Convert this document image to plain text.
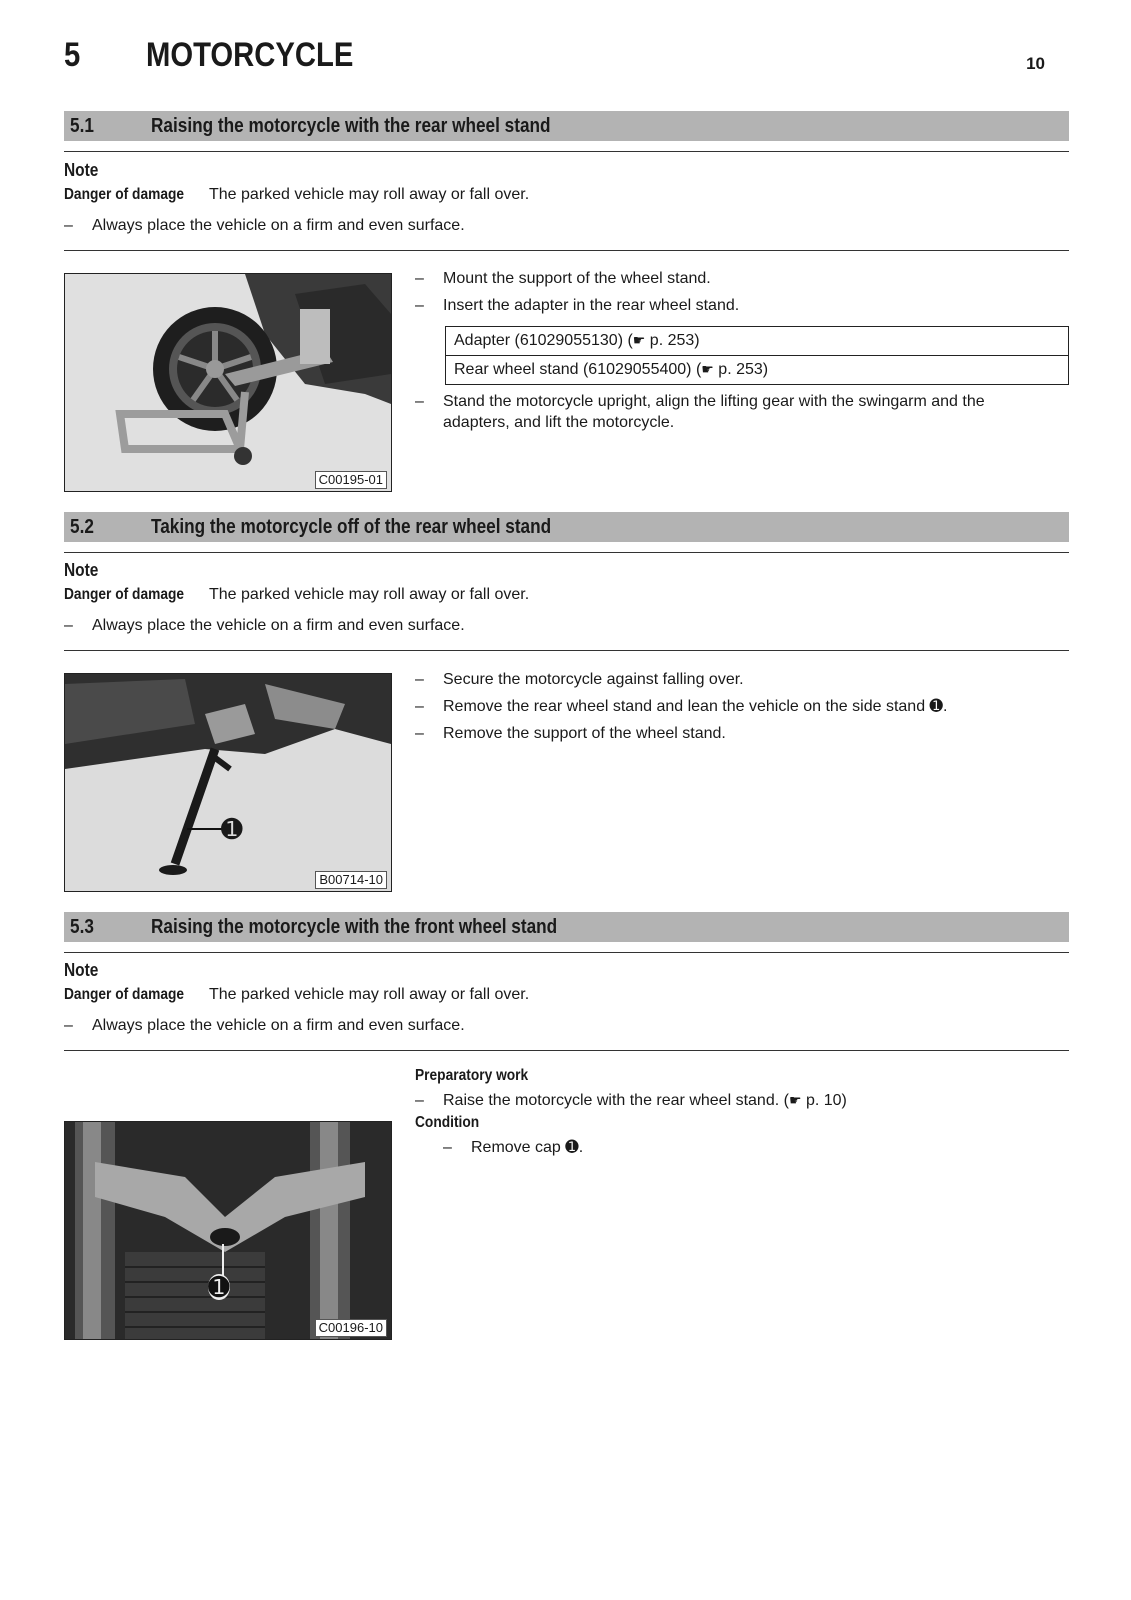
5 MOTORCYCLE	10
5.1	Raising the motorcycle with the rear wheel stand
Note
Danger of damage The parked vehicle may roll away or fall over.
– Always place the vehicle on a firm and even surface.
C00195-01
– Mount the support of the wheel stand.
– Insert the adapter in the rear wheel stand.
Adapter (61029055130) (☛ p. 253)
Rear wheel stand (61029055400) (☛ p. 253)
– Stand the motorcycle upright, align the lifting gear with the swingarm and the
adapters, and lift the motorcycle.
5.2	Taking the motorcycle off of the rear wheel stand
Note
Danger of damage The parked vehicle may roll away or fall over.
– Always place the vehicle on a firm and even surface.
➊
B00714-10
– Secure the motorcycle against falling over.
– Remove the rear wheel stand and lean the vehicle on the side stand ➊.
– Remove the support of the wheel stand.
5.3	Raising the motorcycle with the front wheel stand
Note
Danger of damage The parked vehicle may roll away or fall over.
– Always place the vehicle on a firm and even surface.
Preparatory work
– Raise the motorcycle with the rear wheel stand. (☛ p. 10)
Condition
– Remove cap ➊.
➊
C00196-10
